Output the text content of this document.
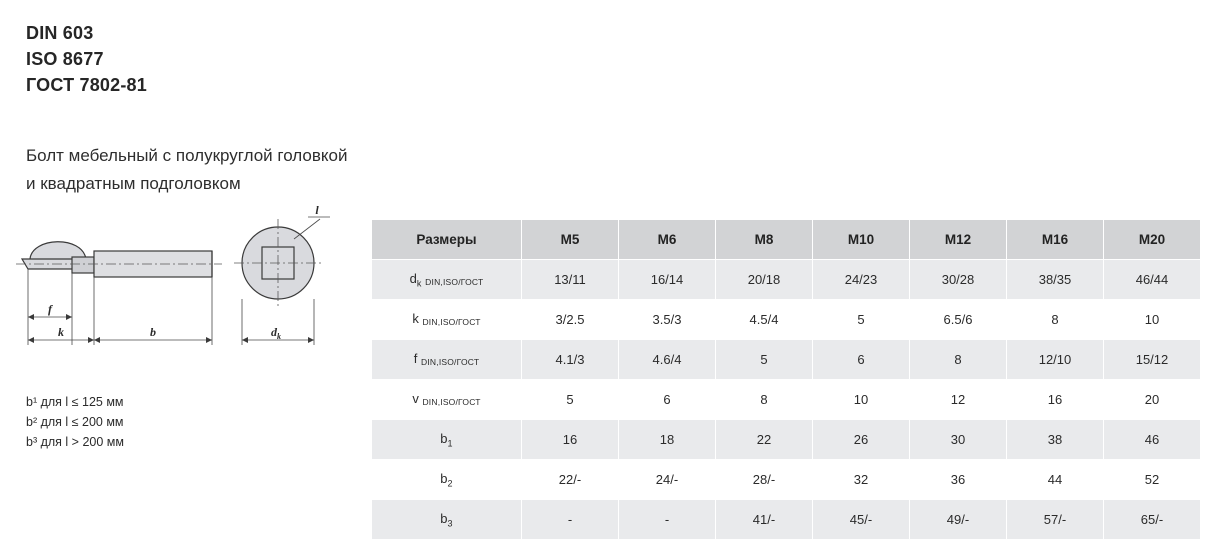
DIN 603
ISO 8677
ГОСТ 7802-81
Болт мебельный с полукруглой головкой
и квадратным подголовком
f
k	b
l
$d_k$
b¹ для l ≤ 125 мм
b² для l ≤ 200 мм
b³ для l > 200 мм
Размеры	M5	M6	M8	M10	M12	M16	M20
$d_k$ DIN,ISO/ГОСТ	13/11	16/14	20/18	24/23	30/28	38/35	46/44
k DIN,ISO/ГОСТ	3/2.5	3.5/3	4.5/4	5	6.5/6	8	10
f DIN,ISO/ГОСТ	4.1/3	4.6/4	5	6	8	12/10	15/12
v DIN,ISO/ГОСТ	5	6	8	10	12	16	20
$b_1$	16	18	22	26	30	38	46
$b_2$	22/-	24/-	28/-	32	36	44	52
$b_3$	-	-	41/-	45/-	49/-	57/-	65/-
